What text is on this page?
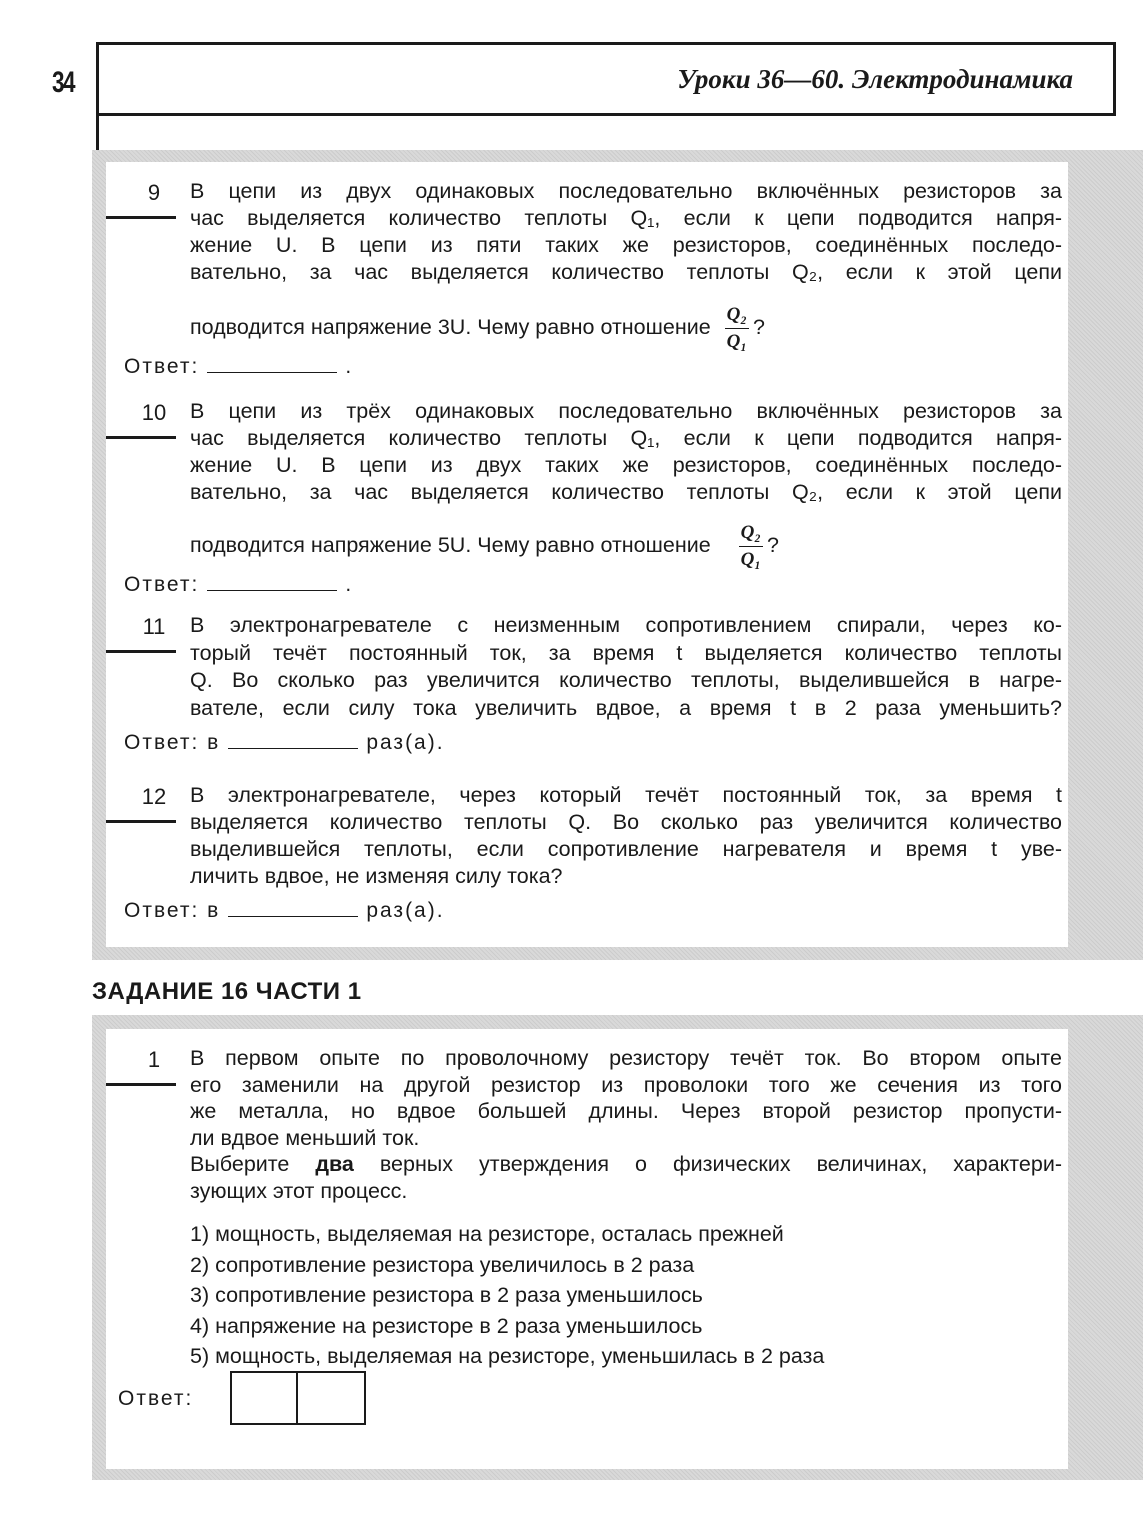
34	Уроки 36—60. Электродинамика
9	В цепи из двух одинаковых последовательно включённых резисторов за
час выделяется количество теплоты Q₁, если к цепи подводится напря-
жение U. В цепи из пяти таких же резисторов, соединённых последо-
вательно, за час выделяется количество теплоты Q₂, если к этой цепи
подводится напряжение 3U. Чему равно отношение $\frac{\text{Q₂}}{\text{Q₁}}$ ?
Ответ:	.
10	В цепи из трёх одинаковых последовательно включённых резисторов за
час выделяется количество теплоты Q₁, если к цепи подводится напря-
жение U. В цепи из двух таких же резисторов, соединённых последо-
вательно, за час выделяется количество теплоты Q₂, если к этой цепи
подводится напряжение 5U. Чему равно отношение $\frac{\text{Q₂}}{\text{Q₁}}$ ?
Ответ:	.
11	В электронагревателе с неизменным сопротивлением спирали, через ко-
торый течёт постоянный ток, за время t выделяется количество теплоты
Q. Во сколько раз увеличится количество теплоты, выделившейся в нагре-
вателе, если силу тока увеличить вдвое, а время t в 2 раза уменьшить?
Ответ: в	раз(а).
12	В электронагревателе, через который течёт постоянный ток, за время t
выделяется количество теплоты Q. Во сколько раз увеличится количество
выделившейся теплоты, если сопротивление нагревателя и время t уве-
личить вдвое, не изменяя силу тока?
Ответ: в	раз(а).
ЗАДАНИЕ 16 ЧАСТИ 1
1	В первом опыте по проволочному резистору течёт ток. Во втором опыте
его заменили на другой резистор из проволоки того же сечения из того
же металла, но вдвое большей длины. Через второй резистор пропусти-
ли вдвое меньший ток.
Выберите два верных утверждения о физических величинах, характери-
зующих этот процесс.
1) мощность, выделяемая на резисторе, осталась прежней
2) сопротивление резистора увеличилось в 2 раза
3) сопротивление резистора в 2 раза уменьшилось
4) напряжение на резисторе в 2 раза уменьшилось
5) мощность, выделяемая на резисторе, уменьшилась в 2 раза
Ответ:
